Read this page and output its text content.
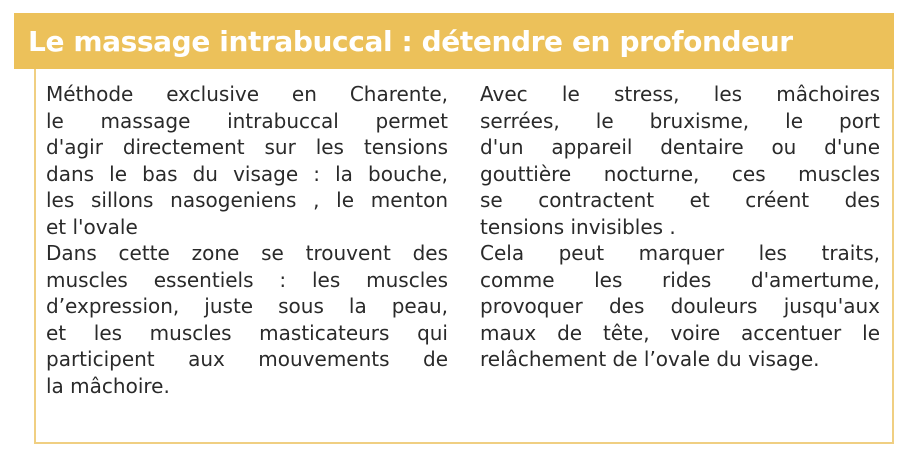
Le massage intrabuccal : détendre en profondeur
Méthode exclusive en Charente,
le massage intrabuccal permet
d'agir directement sur les tensions
dans le bas du visage : la bouche,
les sillons nasogeniens , le menton
et l'ovale
Dans cette zone se trouvent des
muscles essentiels : les muscles
d’expression, juste sous la peau,
et les muscles masticateurs qui
participent aux mouvements de
la mâchoire.
Avec le stress, les mâchoires
serrées, le bruxisme, le port
d'un appareil dentaire ou d'une
gouttière nocturne, ces muscles
se contractent et créent des
tensions invisibles .
Cela peut marquer les traits,
comme les rides d'amertume,
provoquer des douleurs jusqu'aux
maux de tête, voire accentuer le
relâchement de l’ovale du visage.
